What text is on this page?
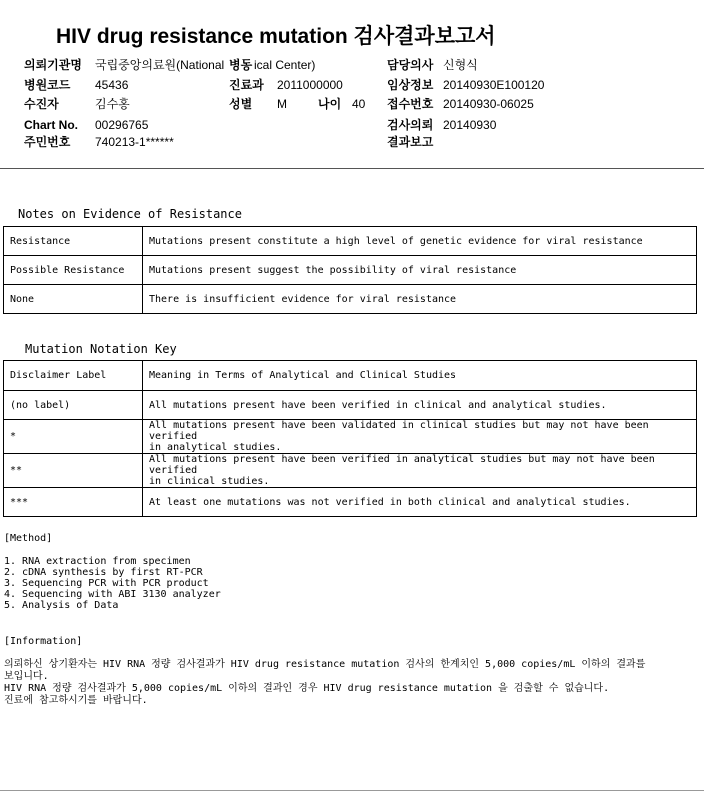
HIV drug resistance mutation 검사결과보고서
의뢰기관명 국립중앙의료원(National 병동 ical Center)	담당의사 신형식
병원코드 45436	진료과 2011000000	임상정보 20140930E100120
수진자	김수홍	성별 M	나이 40 접수번호 20140930-06025
Chart No. 00296765	검사의뢰 20140930
주민번호 740213-1******	결과보고
Notes on Evidence of Resistance
Resistance	Mutations present constitute a high level of genetic evidence for viral resistance
Possible Resistance	Mutations present suggest the possibility of viral resistance
None	There is insufficient evidence for viral resistance
Mutation Notation Key
Disclaimer Label	Meaning in Terms of Analytical and Clinical Studies
(no label)	All mutations present have been verified in clinical and analytical studies.

*	All mutations present have been validated in clinical studies but may not have been verified
in analytical studies.

**	All mutations present have been verified in analytical studies but may not have been verified
in clinical studies.

***	At least one mutations was not verified in both clinical and analytical studies.
[Method]
1. RNA extraction from specimen
2. cDNA synthesis by first RT-PCR
3. Sequencing PCR with PCR product
4. Sequencing with ABI 3130 analyzer
5. Analysis of Data
[Information]
의뢰하신 상기환자는 HIV RNA 정량 검사결과가 HIV drug resistance mutation 검사의 한계치인 5,000 copies/mL 이하의 결과를
보입니다.
HIV RNA 정량 검사결과가 5,000 copies/mL 이하의 결과인 경우 HIV drug resistance mutation 을 검출할 수 없습니다.
진료에 참고하시기를 바랍니다.
